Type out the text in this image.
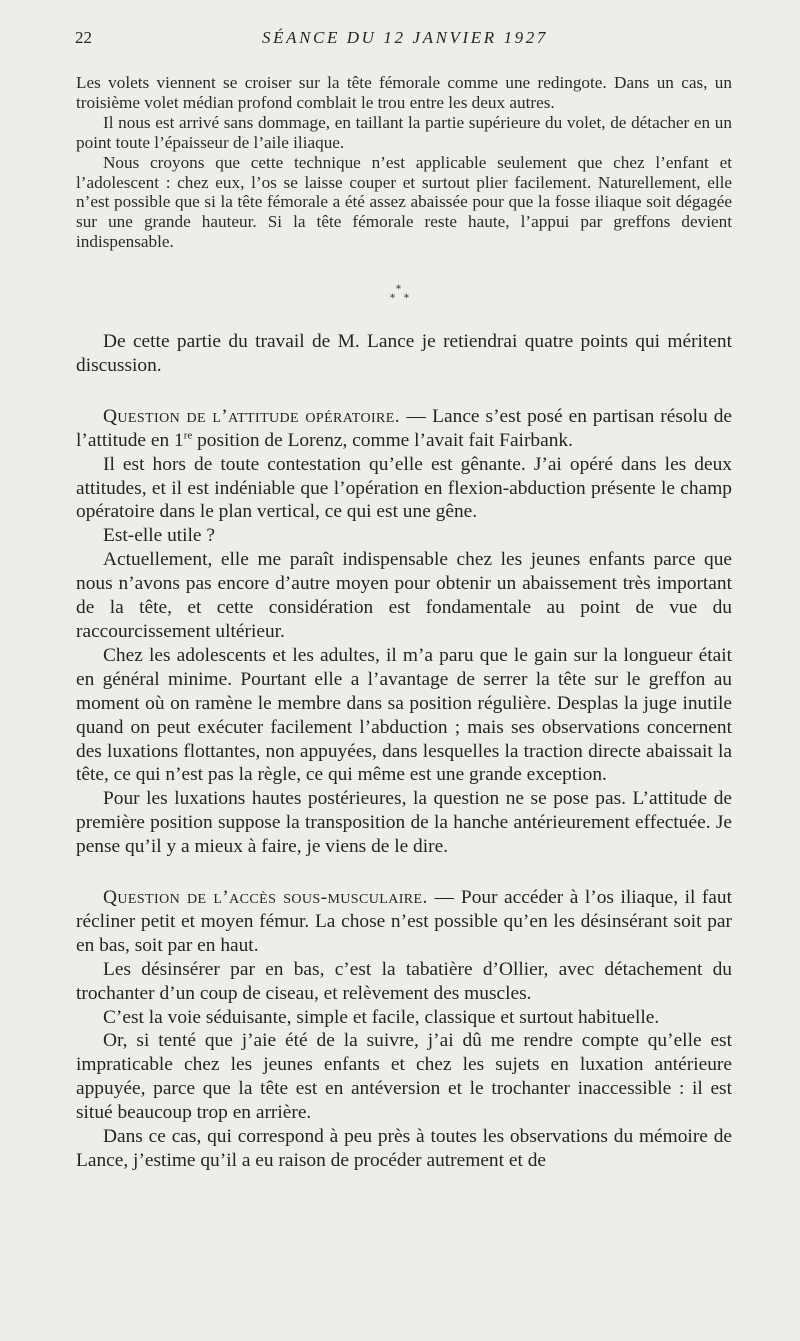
22	SÉANCE DU 12 JANVIER 1927

Les volets viennent se croiser sur la tête fémorale comme une redingote. Dans un cas, un troisième volet médian profond comblait le trou entre les deux autres.

Il nous est arrivé sans dommage, en taillant la partie supérieure du volet, de détacher en un point toute l’épaisseur de l’aile iliaque.

Nous croyons que cette technique n’est applicable seulement que chez l’enfant et l’adolescent : chez eux, l’os se laisse couper et surtout plier facilement. Naturellement, elle n’est possible que si la tête fémorale a été assez abaissée pour que la fosse iliaque soit dégagée sur une grande hauteur. Si la tête fémorale reste haute, l’appui par greffons devient indispensable.

*
* *

De cette partie du travail de M. Lance je retiendrai quatre points qui méritent discussion.

Question de l’attitude opératoire. — Lance s’est posé en partisan résolu de l’attitude en 1re position de Lorenz, comme l’avait fait Fairbank.

Il est hors de toute contestation qu’elle est gênante. J’ai opéré dans les deux attitudes, et il est indéniable que l’opération en flexion-abduction présente le champ opératoire dans le plan vertical, ce qui est une gêne.

Est-elle utile ?

Actuellement, elle me paraît indispensable chez les jeunes enfants parce que nous n’avons pas encore d’autre moyen pour obtenir un abaissement très important de la tête, et cette considération est fondamentale au point de vue du raccourcissement ultérieur.

Chez les adolescents et les adultes, il m’a paru que le gain sur la longueur était en général minime. Pourtant elle a l’avantage de serrer la tête sur le greffon au moment où on ramène le membre dans sa position régulière. Desplas la juge inutile quand on peut exécuter facilement l’abduction ; mais ses observations concernent des luxations flottantes, non appuyées, dans lesquelles la traction directe abaissait la tête, ce qui n’est pas la règle, ce qui même est une grande exception.

Pour les luxations hautes postérieures, la question ne se pose pas. L’attitude de première position suppose la transposition de la hanche antérieurement effectuée. Je pense qu’il y a mieux à faire, je viens de le dire.

Question de l’accès sous-musculaire. — Pour accéder à l’os iliaque, il faut récliner petit et moyen fémur. La chose n’est possible qu’en les désinsérant soit par en bas, soit par en haut.

Les désinsérer par en bas, c’est la tabatière d’Ollier, avec détachement du trochanter d’un coup de ciseau, et relèvement des muscles.

C’est la voie séduisante, simple et facile, classique et surtout habituelle.

Or, si tenté que j’aie été de la suivre, j’ai dû me rendre compte qu’elle est impraticable chez les jeunes enfants et chez les sujets en luxation antérieure appuyée, parce que la tête est en antéversion et le trochanter inaccessible : il est situé beaucoup trop en arrière.

Dans ce cas, qui correspond à peu près à toutes les observations du mémoire de Lance, j’estime qu’il a eu raison de procéder autrement et de
